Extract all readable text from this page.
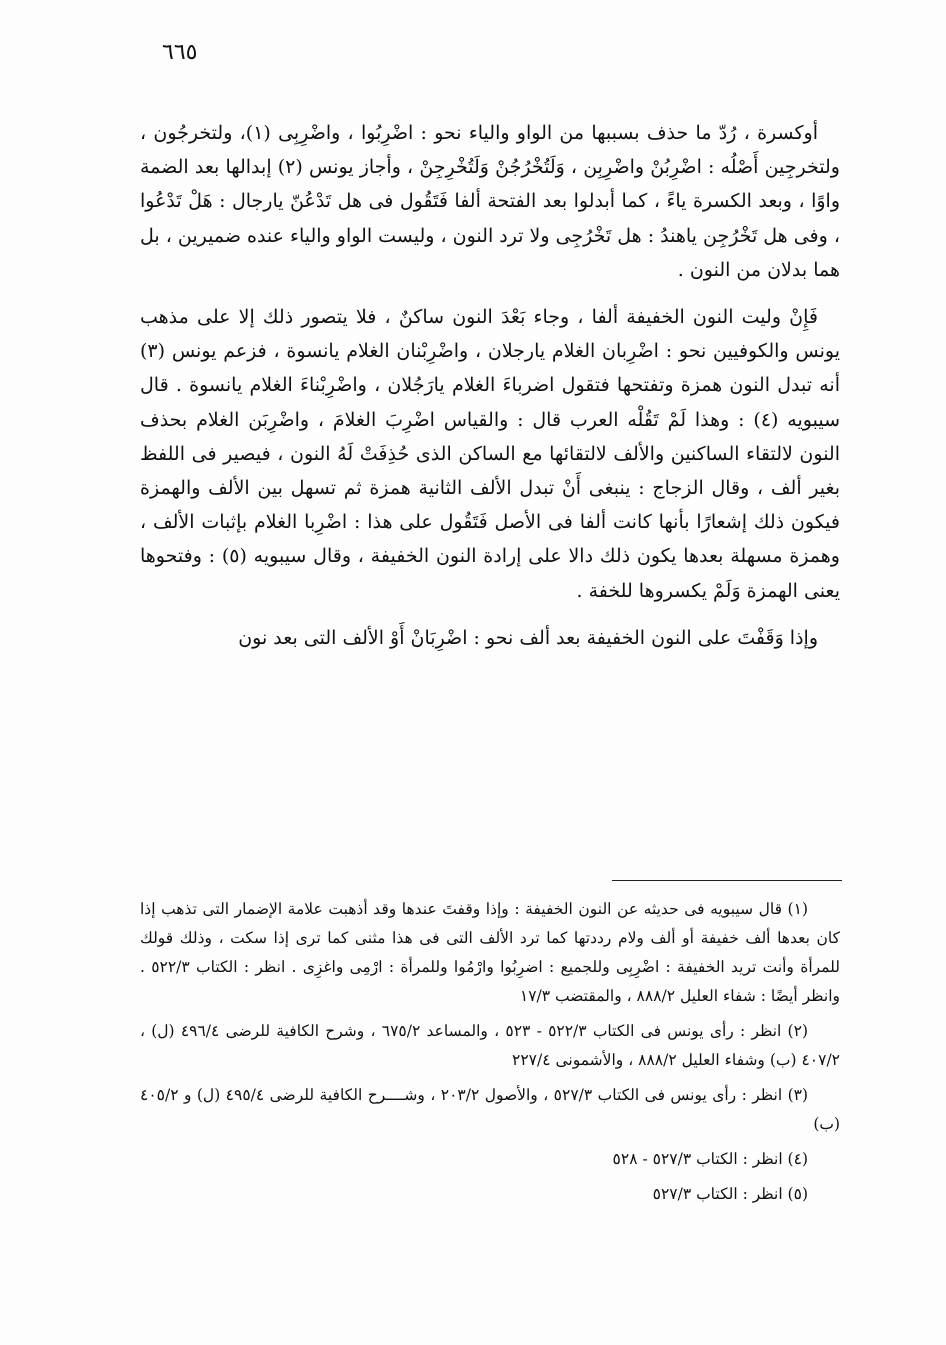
٦٦٥

أوكسرة ، رُدّ ما حذف بسببها من الواو والياء نحو : اضْرِبُوا ، واضْرِبِى (١)، ولتخرجُون ، ولتخرجِين أَصْلُه : اضْرِبُنْ واضْرِبِن ، وَلَتُخْرُجُنْ وَلَتُخْرِجِنْ ، وأجاز يونس (٢) إبدالها بعد الضمة واوًا ، وبعد الكسرة ياءً ، كما أبدلوا بعد الفتحة ألفا فَتَقُول فى هل تَدْعُنّ يارجال : هَلْ تَدْعُوا ، وفى هل تَخْرُجِن ياهندُ : هل تَخْرُجِى ولا ترد النون ، وليست الواو والياء عنده ضميرين ، بل هما بدلان من النون .

فَإِنْ وليت النون الخفيفة ألفا ، وجاء بَعْدَ النون ساكنٌ ، فلا يتصور ذلك إلا على مذهب يونس والكوفيين نحو : اضْرِبان الغلام يارجلان ، واضْرِبْنان الغلام يانسوة ، فزعم يونس (٣) أنه تبدل النون همزة وتفتحها فتقول اضرباءَ الغلام يارَجُلان ، واضْرِبْناءَ الغلام يانسوة . قال سيبويه (٤) : وهذا لَمْ تَقُلْه العرب قال : والقياس اضْرِبَ الغلامَ ، واضْرِبَن الغلام بحذف النون لالتقاء الساكنين والألف لالتقائها مع الساكن الذى حُذِفَتْ لَهُ النون ، فيصير فى اللفظ بغير ألف ، وقال الزجاج : ينبغى أَنْ تبدل الألف الثانية همزة ثم تسهل بين الألف والهمزة فيكون ذلك إشعارًا بأنها كانت ألفا فى الأصل فَتَقُول على هذا : اضْرِبا الغلام بإثبات الألف ، وهمزة مسهلة بعدها يكون ذلك دالا على إرادة النون الخفيفة ، وقال سيبويه (٥) : وفتحوها يعنى الهمزة وَلَمْ يكسروها للخفة .

وإذا وَقَفْتَ على النون الخفيفة بعد ألف نحو : اضْرِبَانْ أَوْ الألف التى بعد نون

(١) قال سيبويه فى حديثه عن النون الخفيفة : وإذا وقفتَ عندها وقد أذهبت علامة الإضمار التى تذهب إذا كان بعدها ألف خفيفة أو ألف ولام رددتها كما ترد الألف التى فى هذا مثنى كما ترى إذا سكت ، وذلك قولك للمرأة وأنت تريد الخفيفة : اضْرِبِى وللجميع : اضرِبُوا وارْمُوا وللمرأة : ارْمِى واغزِى . انظر : الكتاب ٥٢٢/٣ . وانظر أيضًا : شفاء العليل ٨٨٨/٢ ، والمقتضب ١٧/٣

(٢) انظر : رأى يونس فى الكتاب ٥٢٢/٣ - ٥٢٣ ، والمساعد ٦٧٥/٢ ، وشرح الكافية للرضى ٤٩٦/٤ (ل) ، ٤٠٧/٢ (ب) وشفاء العليل ٨٨٨/٢ ، والأشمونى ٢٢٧/٤

(٣) انظر : رأى يونس فى الكتاب ٥٢٧/٣ ، والأصول ٢٠٣/٢ ، وشــــرح الكافية للرضى ٤٩٥/٤ (ل) و ٤٠٥/٢ (ب)

(٤) انظر : الكتاب ٥٢٧/٣ - ٥٢٨

(٥) انظر : الكتاب ٥٢٧/٣
